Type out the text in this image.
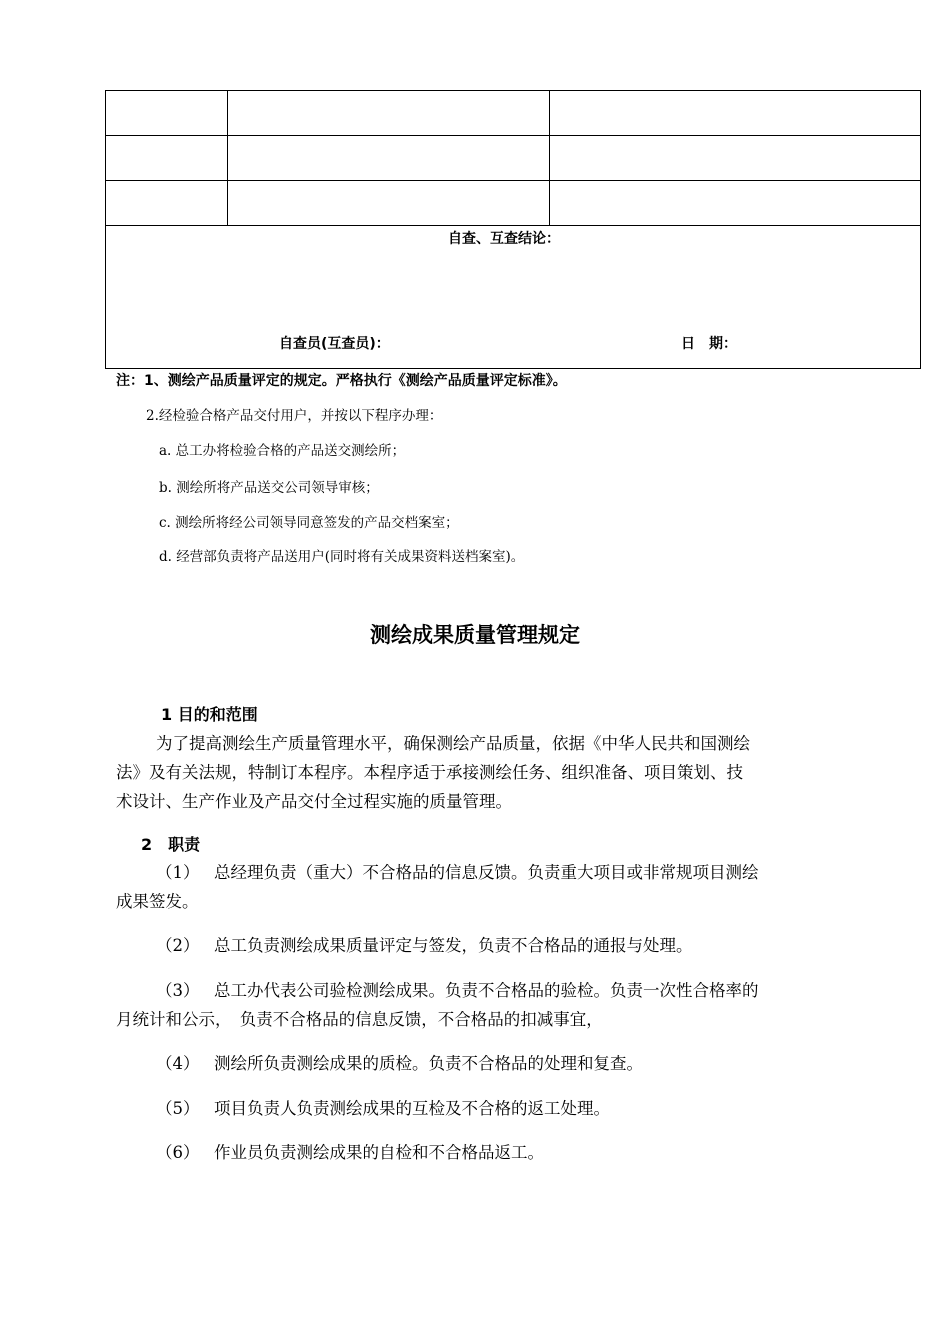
自查、互查结论：
自查员(互查员)：	日　期：
注：1、测绘产品质量评定的规定。严格执行《测绘产品质量评定标准》。
2.经检验合格产品交付用户，并按以下程序办理：
a. 总工办将检验合格的产品送交测绘所；
b. 测绘所将产品送交公司领导审核；
c. 测绘所将经公司领导同意签发的产品交档案室；
d. 经营部负责将产品送用户(同时将有关成果资料送档案室)。
测绘成果质量管理规定
1 目的和范围
为了提高测绘生产质量管理水平，确保测绘产品质量，依据《中华人民共和国测绘
法》及有关法规，特制订本程序。本程序适于承接测绘任务、组织准备、项目策划、技
术设计、生产作业及产品交付全过程实施的质量管理。
2　职责
（1） 总经理负责（重大）不合格品的信息反馈。负责重大项目或非常规项目测绘
成果签发。
（2） 总工负责测绘成果质量评定与签发，负责不合格品的通报与处理。
（3） 总工办代表公司验检测绘成果。负责不合格品的验检。负责一次性合格率的
月统计和公示，　负责不合格品的信息反馈，不合格品的扣减事宜，
（4） 测绘所负责测绘成果的质检。负责不合格品的处理和复查。
（5） 项目负责人负责测绘成果的互检及不合格的返工处理。
（6） 作业员负责测绘成果的自检和不合格品返工。
